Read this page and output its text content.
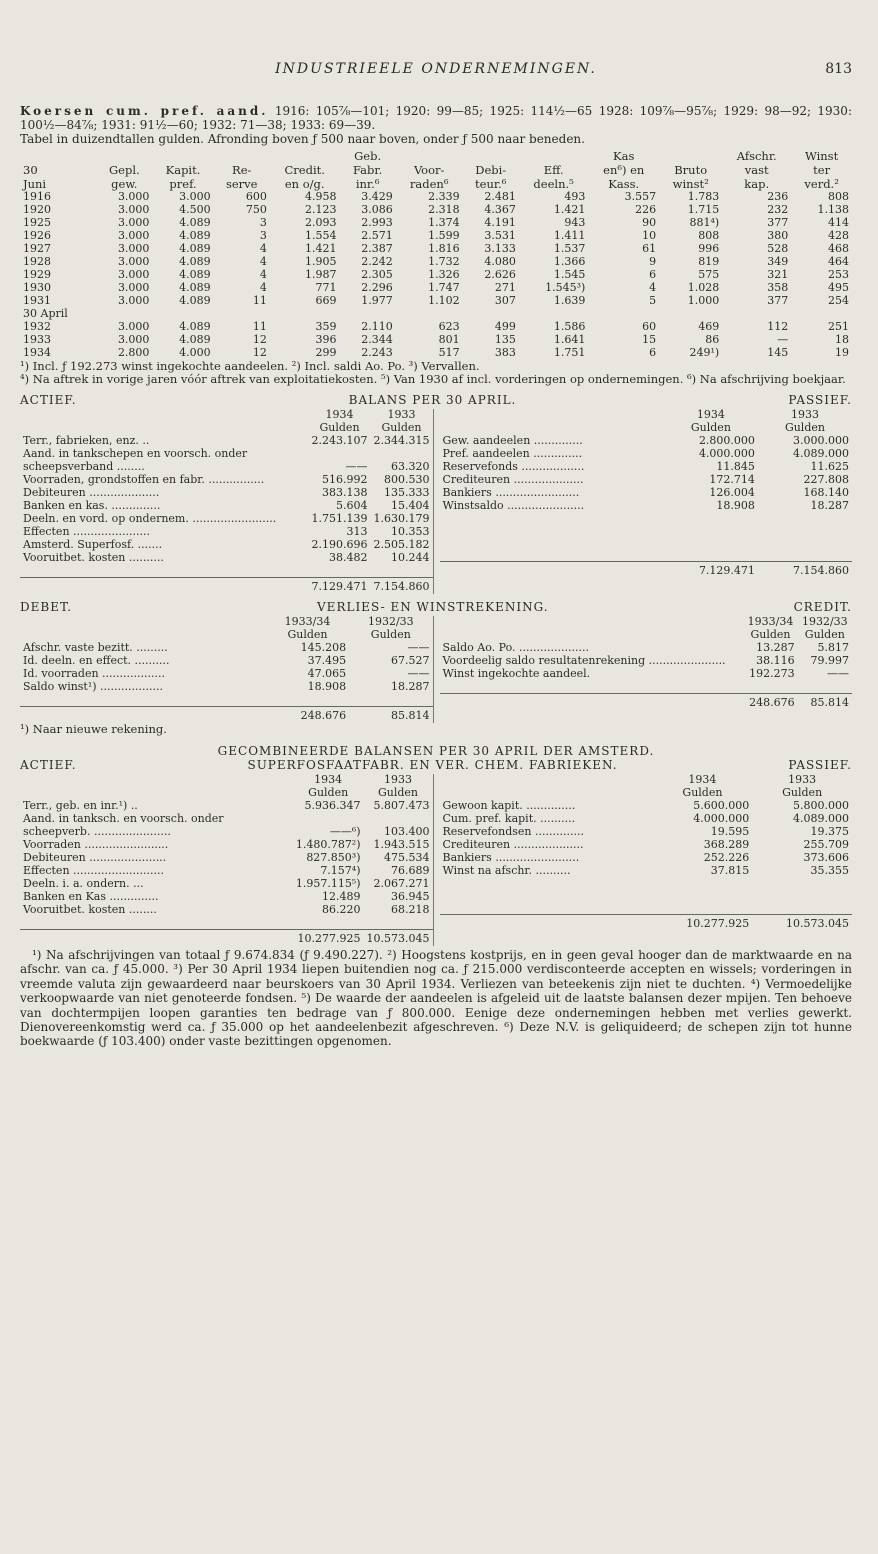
INDUSTRIEELE ONDERNEMINGEN.	813

Koersen cum. pref. aand. 1916: 105⅞—101; 1920: 99—85; 1925: 114½—65 1928: 109⅞—95⅞; 1929: 98—92; 1930: 100½—84⅞; 1931: 91½—60; 1932: 71—38; 1933: 69—39.

Tabel in duizendtallen gulden. Afronding boven ƒ 500 naar boven, onder ƒ 500 naar beneden.

					Geb.				Kas		Afschr.	Winst
30	Gepl.	Kapit.	Re-	Credit.	Fabr.	Voor-	Debi-	Eff.	en⁶) en	Bruto	vast	ter
Juni	gew.	pref.	serve	en o/g.	inr.⁶	raden⁶	teur.⁶	deeln.⁵	Kass.	winst²	kap.	verd.²
1916	3.000	3.000	600	4.958	3.429	2.339	2.481	493	3.557	1.783	236	808
1920	3.000	4.500	750	2.123	3.086	2.318	4.367	1.421	226	1.715	232	1.138
1925	3.000	4.089	3	2.093	2.993	1.374	4.191	943	90	881⁴)	377	414
1926	3.000	4.089	3	1.554	2.571	1.599	3.531	1.411	10	808	380	428
1927	3.000	4.089	4	1.421	2.387	1.816	3.133	1.537	61	996	528	468
1928	3.000	4.089	4	1.905	2.242	1.732	4.080	1.366	9	819	349	464
1929	3.000	4.089	4	1.987	2.305	1.326	2.626	1.545	6	575	321	253
1930	3.000	4.089	4	771	2.296	1.747	271	1.545³)	4	1.028	358	495
1931	3.000	4.089	11	669	1.977	1.102	307	1.639	5	1.000	377	254
30 April												
1932	3.000	4.089	11	359	2.110	623	499	1.586	60	469	112	251
1933	3.000	4.089	12	396	2.344	801	135	1.641	15	86	—	18
1934	2.800	4.000	12	299	2.243	517	383	1.751	6	249¹)	145	19

¹) Incl. ƒ 192.273 winst ingekochte aandeelen. ²) Incl. saldi Ao. Po. ³) Vervallen.

⁴) Na aftrek in vorige jaren vóór aftrek van exploitatiekosten. ⁵) Van 1930 af incl. vorderingen op ondernemingen. ⁶) Na afschrijving boekjaar.

ACTIEF.	BALANS PER 30 APRIL.	PASSIEF.
	1934	1933
	Gulden	Gulden
Terr., fabrieken, enz. ..	2.243.107	2.344.315
Aand. in tankschepen en voorsch. onder scheepsverband ........	——	63.320
Voorraden, grondstoffen en fabr. ................	516.992	800.530
Debiteuren ....................	383.138	135.333
Banken en kas. ..............	5.604	15.404
Deeln. en vord. op ondernem. ........................	1.751.139	1.630.179
Effecten ......................	313	10.353
Amsterd. Superfosf. .......	2.190.696	2.505.182
Vooruitbet. kosten ..........	38.482	10.244

	7.129.471	7.154.860
	1934	1933
	Gulden	Gulden
Gew. aandeelen ..............	2.800.000	3.000.000
Pref. aandeelen ..............	4.000.000	4.089.000
Reservefonds ..................	11.845	11.625
Crediteuren ....................	172.714	227.808
Bankiers ........................	126.004	168.140
Winstsaldo ......................	18.908	18.287

	7.129.471	7.154.860
DEBET.	VERLIES- EN WINSTREKENING.	CREDIT.
	1933/34	1932/33
	Gulden	Gulden
Afschr. vaste bezitt. .........	145.208	——
Id. deeln. en effect. ..........	37.495	67.527
Id. voorraden ..................	47.065	——
Saldo winst¹) ..................	18.908	18.287

	248.676	85.814
	1933/34	1932/33
	Gulden	Gulden
Saldo Ao. Po. ....................	13.287	5.817
Voordeelig saldo resultatenrekening ......................	38.116	79.997
Winst ingekochte aandeel.	192.273	——

	248.676	85.814

¹) Naar nieuwe rekening.

GECOMBINEERDE BALANSEN PER 30 APRIL DER AMSTERD.
ACTIEF.	SUPERFOSFAATFABR. EN VER. CHEM. FABRIEKEN.	PASSIEF.
	1934	1933
	Gulden	Gulden
Terr., geb. en inr.¹) ..	5.936.347	5.807.473
Aand. in tanksch. en voorsch. onder scheepverb. ......................	——⁶)	103.400
Voorraden ........................	1.480.787²)	1.943.515
Debiteuren ......................	827.850³)	475.534
Effecten ..........................	7.157⁴)	76.689
Deeln. i. a. ondern. ...	1.957.115⁵)	2.067.271
Banken en Kas ..............	12.489	36.945
Vooruitbet. kosten ........	86.220	68.218

	10.277.925	10.573.045
	1934	1933
	Gulden	Gulden
Gewoon kapit. ..............	5.600.000	5.800.000
Cum. pref. kapit. ..........	4.000.000	4.089.000
Reservefondsen ..............	19.595	19.375
Crediteuren ....................	368.289	255.709
Bankiers ........................	252.226	373.606
Winst na afschr. ..........	37.815	35.355

	10.277.925	10.573.045

¹) Na afschrijvingen van totaal ƒ 9.674.834 (ƒ 9.490.227). ²) Hoogstens kostprijs, en in geen geval hooger dan de marktwaarde en na afschr. van ca. ƒ 45.000. ³) Per 30 April 1934 liepen buitendien nog ca. ƒ 215.000 verdisconteerde accepten en wissels; vorderingen in vreemde valuta zijn gewaardeerd naar beurskoers van 30 April 1934. Verliezen van beteekenis zijn niet te duchten. ⁴) Vermoedelijke verkoopwaarde van niet genoteerde fondsen. ⁵) De waarde der aandeelen is afgeleid uit de laatste balansen dezer mpijen. Ten behoeve van dochtermpijen loopen garanties ten bedrage van ƒ 800.000. Eenige deze ondernemingen hebben met verlies gewerkt. Dienovereenkomstig werd ca. ƒ 35.000 op het aandeelenbezit afgeschreven. ⁶) Deze N.V. is geliquideerd; de schepen zijn tot hunne boekwaarde (ƒ 103.400) onder vaste bezittingen opgenomen.
